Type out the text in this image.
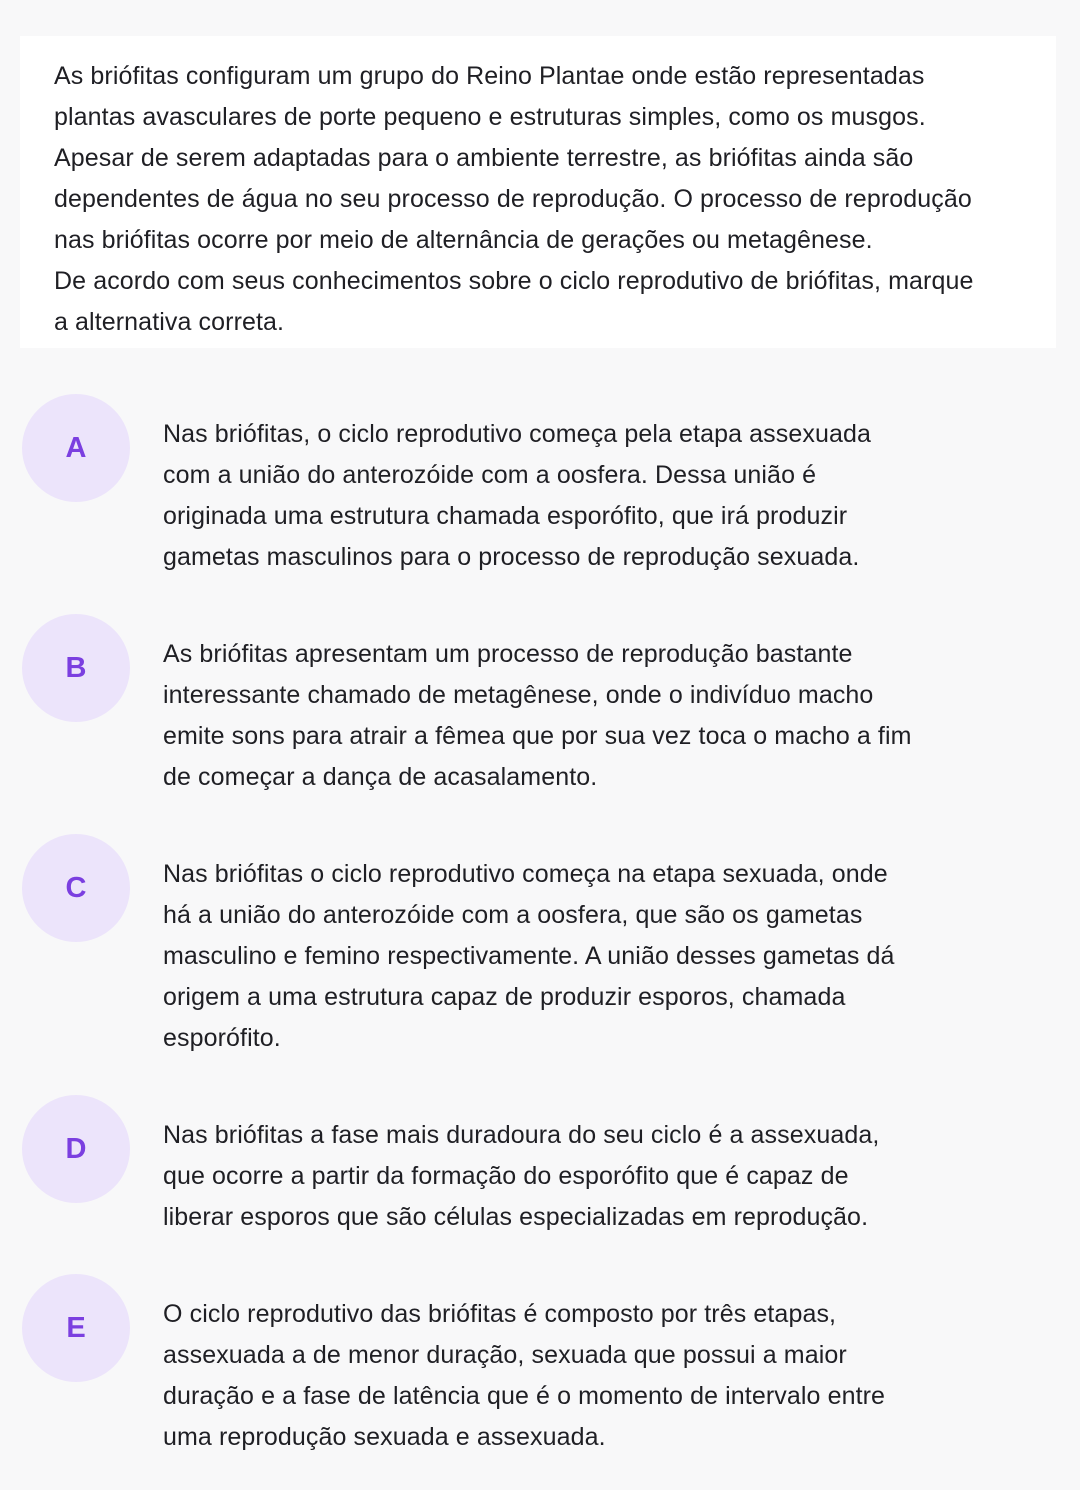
As briófitas configuram um grupo do Reino Plantae onde estão representadas
plantas avasculares de porte pequeno e estruturas simples, como os musgos.
Apesar de serem adaptadas para o ambiente terrestre, as briófitas ainda são
dependentes de água no seu processo de reprodução. O processo de reprodução
nas briófitas ocorre por meio de alternância de gerações ou metagênese.
De acordo com seus conhecimentos sobre o ciclo reprodutivo de briófitas, marque
a alternativa correta.

A	Nas briófitas, o ciclo reprodutivo começa pela etapa assexuada
com a união do anterozóide com a oosfera. Dessa união é
originada uma estrutura chamada esporófito, que irá produzir
gametas masculinos para o processo de reprodução sexuada.

B	As briófitas apresentam um processo de reprodução bastante
interessante chamado de metagênese, onde o indivíduo macho
emite sons para atrair a fêmea que por sua vez toca o macho a fim
de começar a dança de acasalamento.

C	Nas briófitas o ciclo reprodutivo começa na etapa sexuada, onde
há a união do anterozóide com a oosfera, que são os gametas
masculino e femino respectivamente. A união desses gametas dá
origem a uma estrutura capaz de produzir esporos, chamada
esporófito.

D	Nas briófitas a fase mais duradoura do seu ciclo é a assexuada,
que ocorre a partir da formação do esporófito que é capaz de
liberar esporos que são células especializadas em reprodução.

E	O ciclo reprodutivo das briófitas é composto por três etapas,
assexuada a de menor duração, sexuada que possui a maior
duração e a fase de latência que é o momento de intervalo entre
uma reprodução sexuada e assexuada.
